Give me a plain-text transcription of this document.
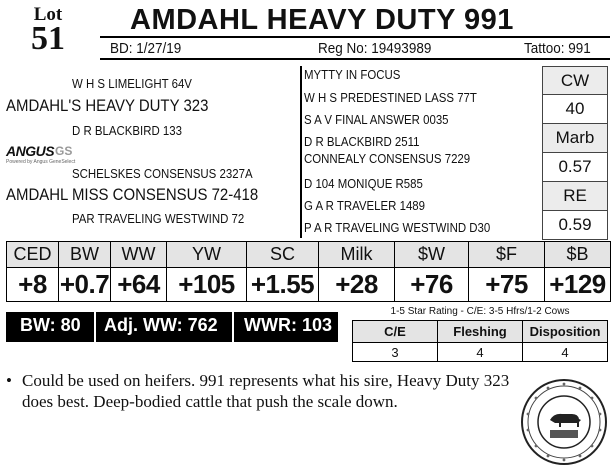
Lot
51	AMDAHL HEAVY DUTY 991
BD: 1/27/19	Reg No: 19493989	Tattoo: 991
W H S LIMELIGHT 64V
AMDAHL'S HEAVY DUTY 323
D R BLACKBIRD 133
ANGUS GS
Powered by Angus GeneSelect
SCHELSKES CONSENSUS 2327A
AMDAHL MISS CONSENSUS 72-418
PAR TRAVELING WESTWIND 72
MYTTY IN FOCUS
W H S PREDESTINED LASS 77T
S A V FINAL ANSWER 0035
D R BLACKBIRD 2511
CONNEALY CONSENSUS 7229
D 104 MONIQUE R585
G A R TRAVELER 1489
P A R TRAVELING WESTWIND D30
CW
40
Marb
0.57
RE
0.59
CED	BW	WW	YW	SC	Milk	$W	$F	$B
+8	+0.7	+64	+105	+1.55	+28	+76	+75	+129
BW: 80 Adj. WW: 762 WWR: 103
1-5 Star Rating - C/E: 3-5 Hfrs/1-2 Cows
C/E	Fleshing	Disposition
3	4	4
• Could be used on heifers. 991 represents what his sire, Heavy Duty 323 does best. Deep-bodied cattle that push the scale down.
